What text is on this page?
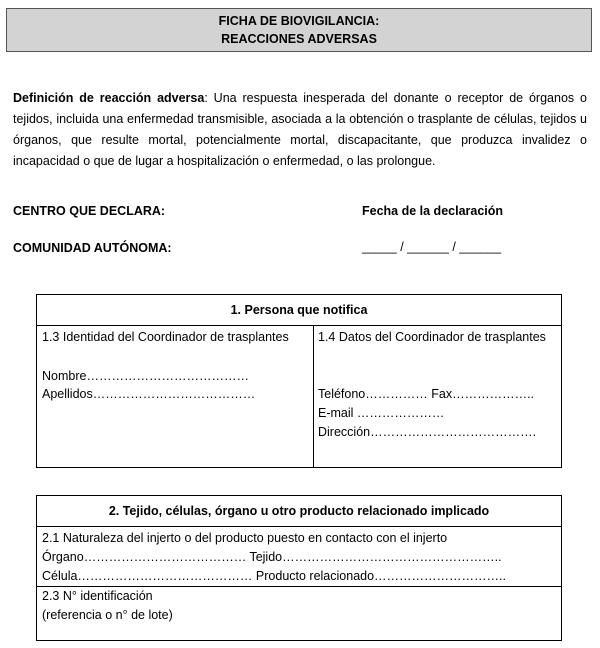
FICHA DE BIOVIGILANCIA:
REACCIONES ADVERSAS
Definición de reacción adversa: Una respuesta inesperada del donante o receptor de órganos o tejidos, incluida una enfermedad transmisible, asociada a la obtención o trasplante de células, tejidos u órganos, que resulte mortal, potencialmente mortal, discapacitante, que produzca invalidez o incapacidad o que de lugar a hospitalización o enfermedad, o las prolongue.
CENTRO QUE DECLARA:	Fecha de la declaración
COMUNIDAD AUTÓNOMA:	_____ / ______ / ______
1. Persona que notifica
1.3 Identidad del Coordinador de trasplantes
Nombre…………………………………
Apellidos…………………………………
1.4 Datos del Coordinador de trasplantes
Teléfono…………… Fax………………..
E-mail …………………
Dirección………………………………….
2. Tejido, células, órgano u otro producto relacionado implicado
2.1 Naturaleza del injerto o del producto puesto en contacto con el injerto
Órgano………………………………… Tejido……………………………………………..
Célula…………………………………… Producto relacionado…………………………..
2.3 N° identificación
(referencia o n° de lote)
